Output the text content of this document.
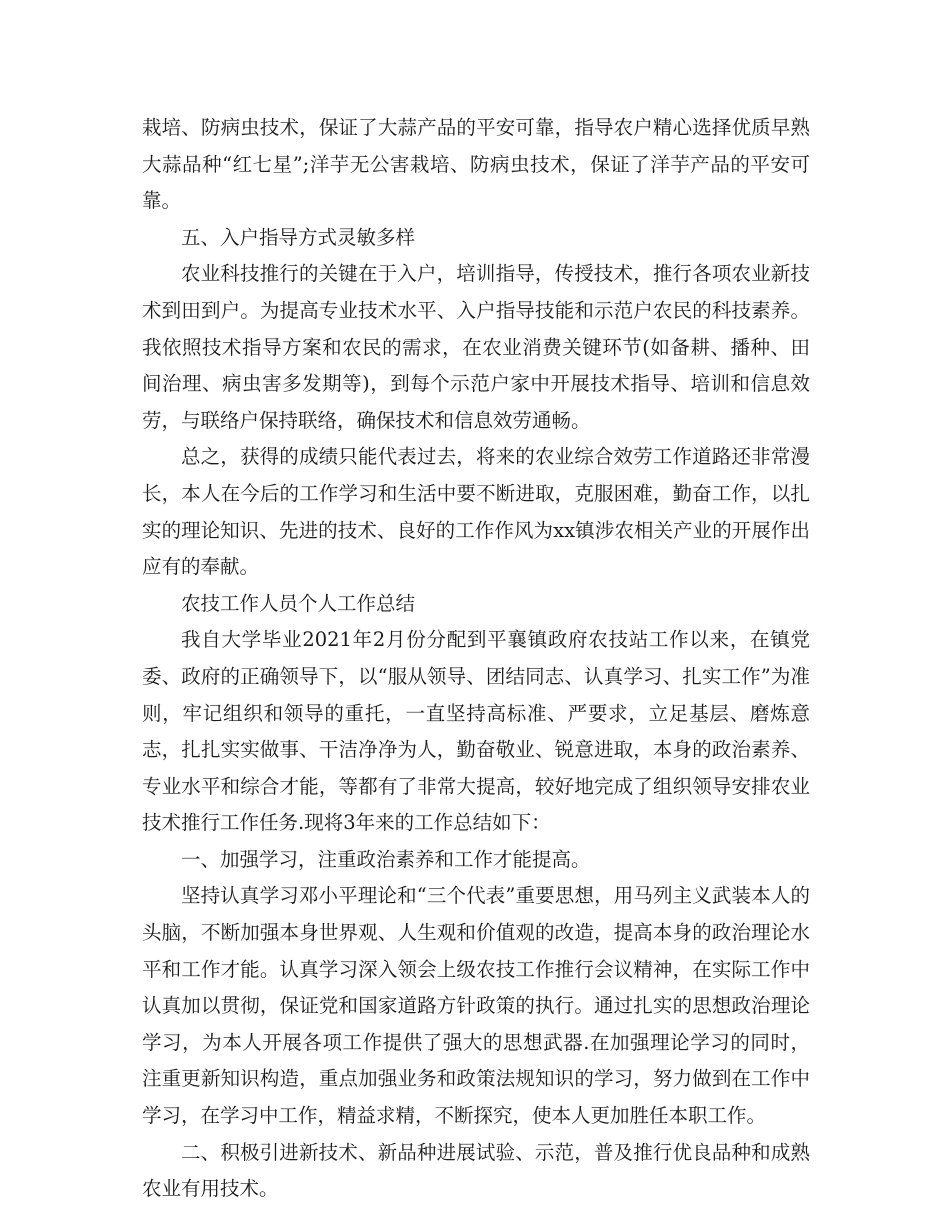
栽培、防病虫技术，保证了大蒜产品的平安可靠，指导农户精心选择优质早熟大蒜品种“红七星”;洋芋无公害栽培、防病虫技术，保证了洋芋产品的平安可靠。

五、入户指导方式灵敏多样

农业科技推行的关键在于入户，培训指导，传授技术，推行各项农业新技术到田到户。为提高专业技术水平、入户指导技能和示范户农民的科技素养。我依照技术指导方案和农民的需求，在农业消费关键环节(如备耕、播种、田间治理、病虫害多发期等)，到每个示范户家中开展技术指导、培训和信息效劳，与联络户保持联络，确保技术和信息效劳通畅。

总之，获得的成绩只能代表过去，将来的农业综合效劳工作道路还非常漫长，本人在今后的工作学习和生活中要不断进取，克服困难，勤奋工作，以扎实的理论知识、先进的技术、良好的工作作风为xx镇涉农相关产业的开展作出应有的奉献。

农技工作人员个人工作总结

我自大学毕业2021年2月份分配到平襄镇政府农技站工作以来，在镇党委、政府的正确领导下，以“服从领导、团结同志、认真学习、扎实工作”为准则，牢记组织和领导的重托，一直坚持高标准、严要求，立足基层、磨炼意志，扎扎实实做事、干洁净净为人，勤奋敬业、锐意进取，本身的政治素养、专业水平和综合才能，等都有了非常大提高，较好地完成了组织领导安排农业技术推行工作任务.现将3年来的工作总结如下：

一、加强学习，注重政治素养和工作才能提高。

坚持认真学习邓小平理论和“三个代表”重要思想，用马列主义武装本人的头脑，不断加强本身世界观、人生观和价值观的改造，提高本身的政治理论水平和工作才能。认真学习深入领会上级农技工作推行会议精神，在实际工作中认真加以贯彻，保证党和国家道路方针政策的执行。通过扎实的思想政治理论学习，为本人开展各项工作提供了强大的思想武器.在加强理论学习的同时，注重更新知识构造，重点加强业务和政策法规知识的学习，努力做到在工作中学习，在学习中工作，精益求精，不断探究，使本人更加胜任本职工作。

二、积极引进新技术、新品种进展试验、示范，普及推行优良品种和成熟农业有用技术。
